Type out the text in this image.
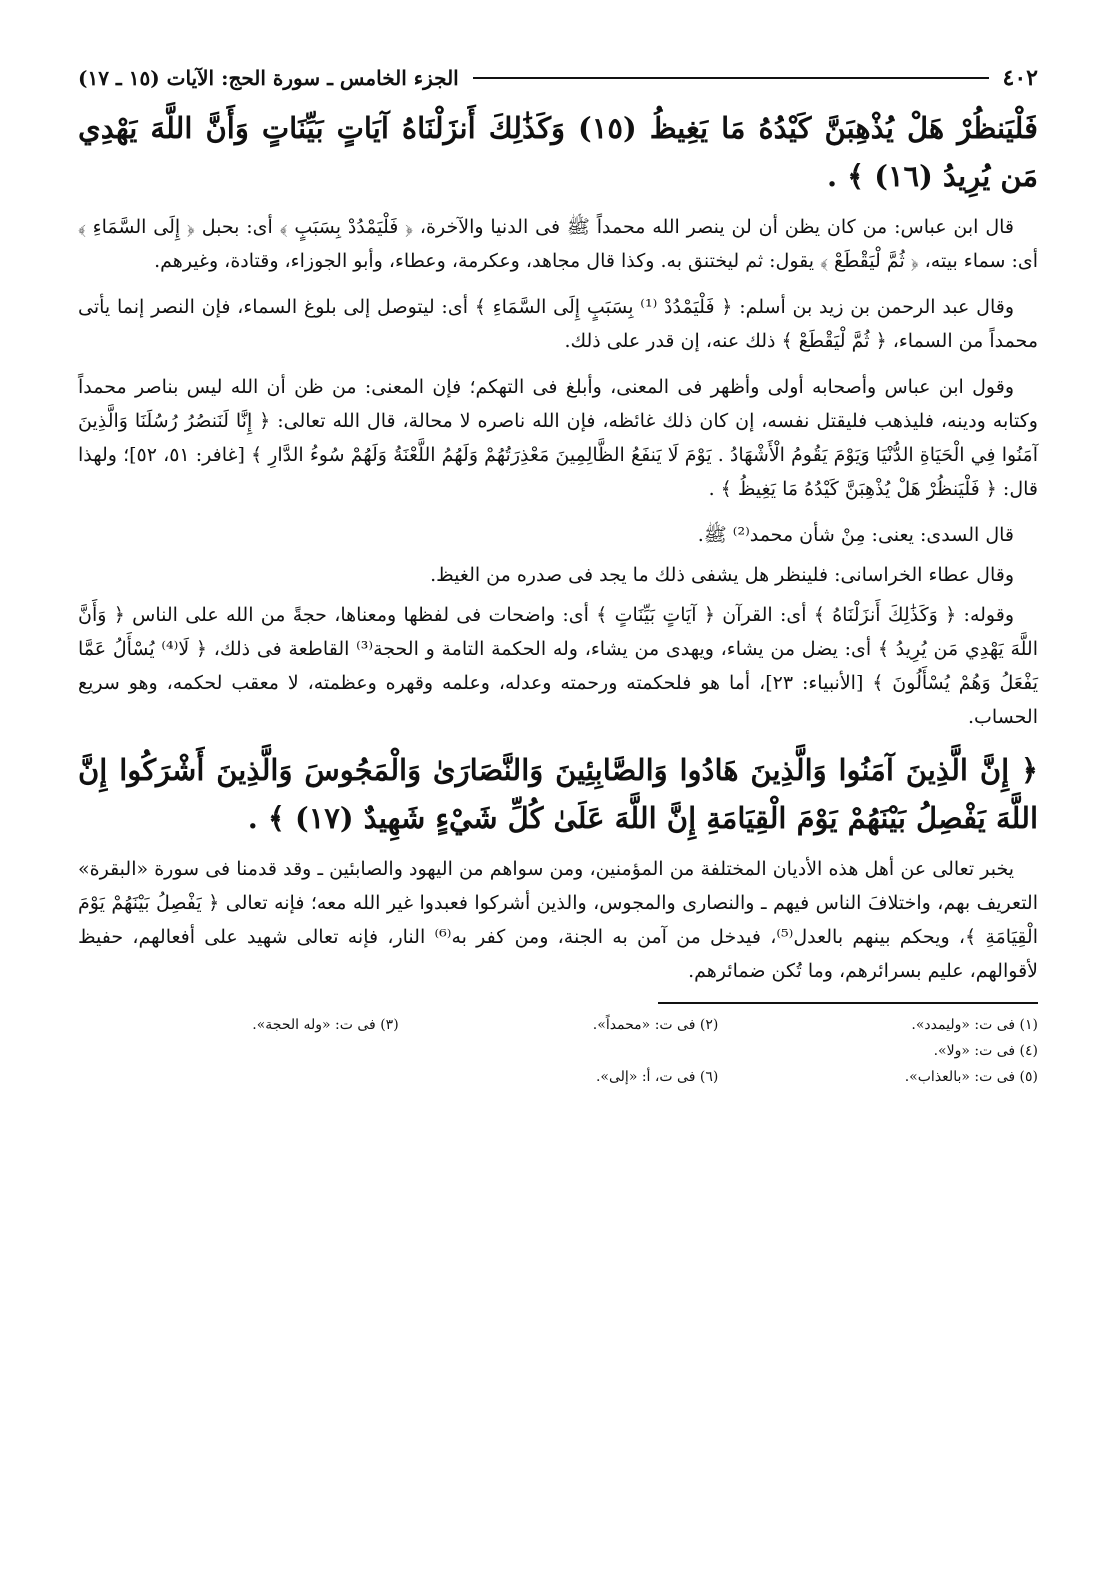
٤٠٢
الجزء الخامس ـ سورة الحج: الآيات (١٥ ـ ١٧)
فَلْيَنظُرْ هَلْ يُذْهِبَنَّ كَيْدُهُ مَا يَغِيظُ (١٥) وَكَذَٰلِكَ أَنزَلْنَاهُ آيَاتٍ بَيِّنَاتٍ وَأَنَّ اللَّهَ يَهْدِي مَن يُرِيدُ (١٦) ﴾ .

قال ابن عباس: من كان يظن أن لن ينصر الله محمداً ﷺ فى الدنيا والآخرة، ﴿ فَلْيَمْدُدْ بِسَبَبٍ ﴾ أى: بحبل ﴿ إِلَى السَّمَاءِ ﴾ أى: سماء بيته، ﴿ ثُمَّ لْيَقْطَعْ ﴾ يقول: ثم ليختنق به. وكذا قال مجاهد، وعكرمة، وعطاء، وأبو الجوزاء، وقتادة، وغيرهم.

وقال عبد الرحمن بن زيد بن أسلم: ﴿ فَلْيَمْدُدْ ⁽¹⁾ بِسَبَبٍ إِلَى السَّمَاءِ ﴾ أى: ليتوصل إلى بلوغ السماء، فإن النصر إنما يأتى محمداً من السماء، ﴿ ثُمَّ لْيَقْطَعْ ﴾ ذلك عنه، إن قدر على ذلك.

وقول ابن عباس وأصحابه أولى وأظهر فى المعنى، وأبلغ فى التهكم؛ فإن المعنى: من ظن أن الله ليس بناصر محمداً وكتابه ودينه، فليذهب فليقتل نفسه، إن كان ذلك غائظه، فإن الله ناصره لا محالة، قال الله تعالى: ﴿ إِنَّا لَنَنصُرُ رُسُلَنَا وَالَّذِينَ آمَنُوا فِي الْحَيَاةِ الدُّنْيَا وَيَوْمَ يَقُومُ الْأَشْهَادُ . يَوْمَ لَا يَنفَعُ الظَّالِمِينَ مَعْذِرَتُهُمْ وَلَهُمُ اللَّعْنَةُ وَلَهُمْ سُوءُ الدَّارِ ﴾ [غافر: ٥١، ٥٢]؛ ولهذا قال: ﴿ فَلْيَنظُرْ هَلْ يُذْهِبَنَّ كَيْدُهُ مَا يَغِيظُ ﴾ .

قال السدى: يعنى: مِنْ شأن محمد⁽²⁾ ﷺ.

وقال عطاء الخراسانى: فلينظر هل يشفى ذلك ما يجد فى صدره من الغيظ.

وقوله: ﴿ وَكَذَٰلِكَ أَنزَلْنَاهُ ﴾ أى: القرآن ﴿ آيَاتٍ بَيِّنَاتٍ ﴾ أى: واضحات فى لفظها ومعناها، حجةً من الله على الناس ﴿ وَأَنَّ اللَّهَ يَهْدِي مَن يُرِيدُ ﴾ أى: يضل من يشاء، ويهدى من يشاء، وله الحكمة التامة و الحجة⁽³⁾ القاطعة فى ذلك، ﴿ لَا⁽⁴⁾ يُسْأَلُ عَمَّا يَفْعَلُ وَهُمْ يُسْأَلُونَ ﴾ [الأنبياء: ٢٣]، أما هو فلحكمته ورحمته وعدله، وعلمه وقهره وعظمته، لا معقب لحكمه، وهو سريع الحساب.

﴿ إِنَّ الَّذِينَ آمَنُوا وَالَّذِينَ هَادُوا وَالصَّابِئِينَ وَالنَّصَارَىٰ وَالْمَجُوسَ وَالَّذِينَ أَشْرَكُوا إِنَّ اللَّهَ يَفْصِلُ بَيْنَهُمْ يَوْمَ الْقِيَامَةِ إِنَّ اللَّهَ عَلَىٰ كُلِّ شَيْءٍ شَهِيدٌ (١٧) ﴾ .

يخبر تعالى عن أهل هذه الأديان المختلفة من المؤمنين، ومن سواهم من اليهود والصابئين ـ وقد قدمنا فى سورة «البقرة» التعريف بهم، واختلافَ الناس فيهم ـ والنصارى والمجوس، والذين أشركوا فعبدوا غير الله معه؛ فإنه تعالى ﴿ يَفْصِلُ بَيْنَهُمْ يَوْمَ الْقِيَامَةِ ﴾، ويحكم بينهم بالعدل⁽⁵⁾، فيدخل من آمن به الجنة، ومن كفر به⁽⁶⁾ النار، فإنه تعالى شهيد على أفعالهم، حفيظ لأقوالهم، عليم بسرائرهم، وما تُكن ضمائرهم.

(١) فى ت: «وليمدد».
(٢) فى ت: «محمداً».
(٣) فى ت: «وله الحجة».
(٤) فى ت: «ولا».
(٥) فى ت: «بالعذاب».
(٦) فى ت، أ: «إلى».
